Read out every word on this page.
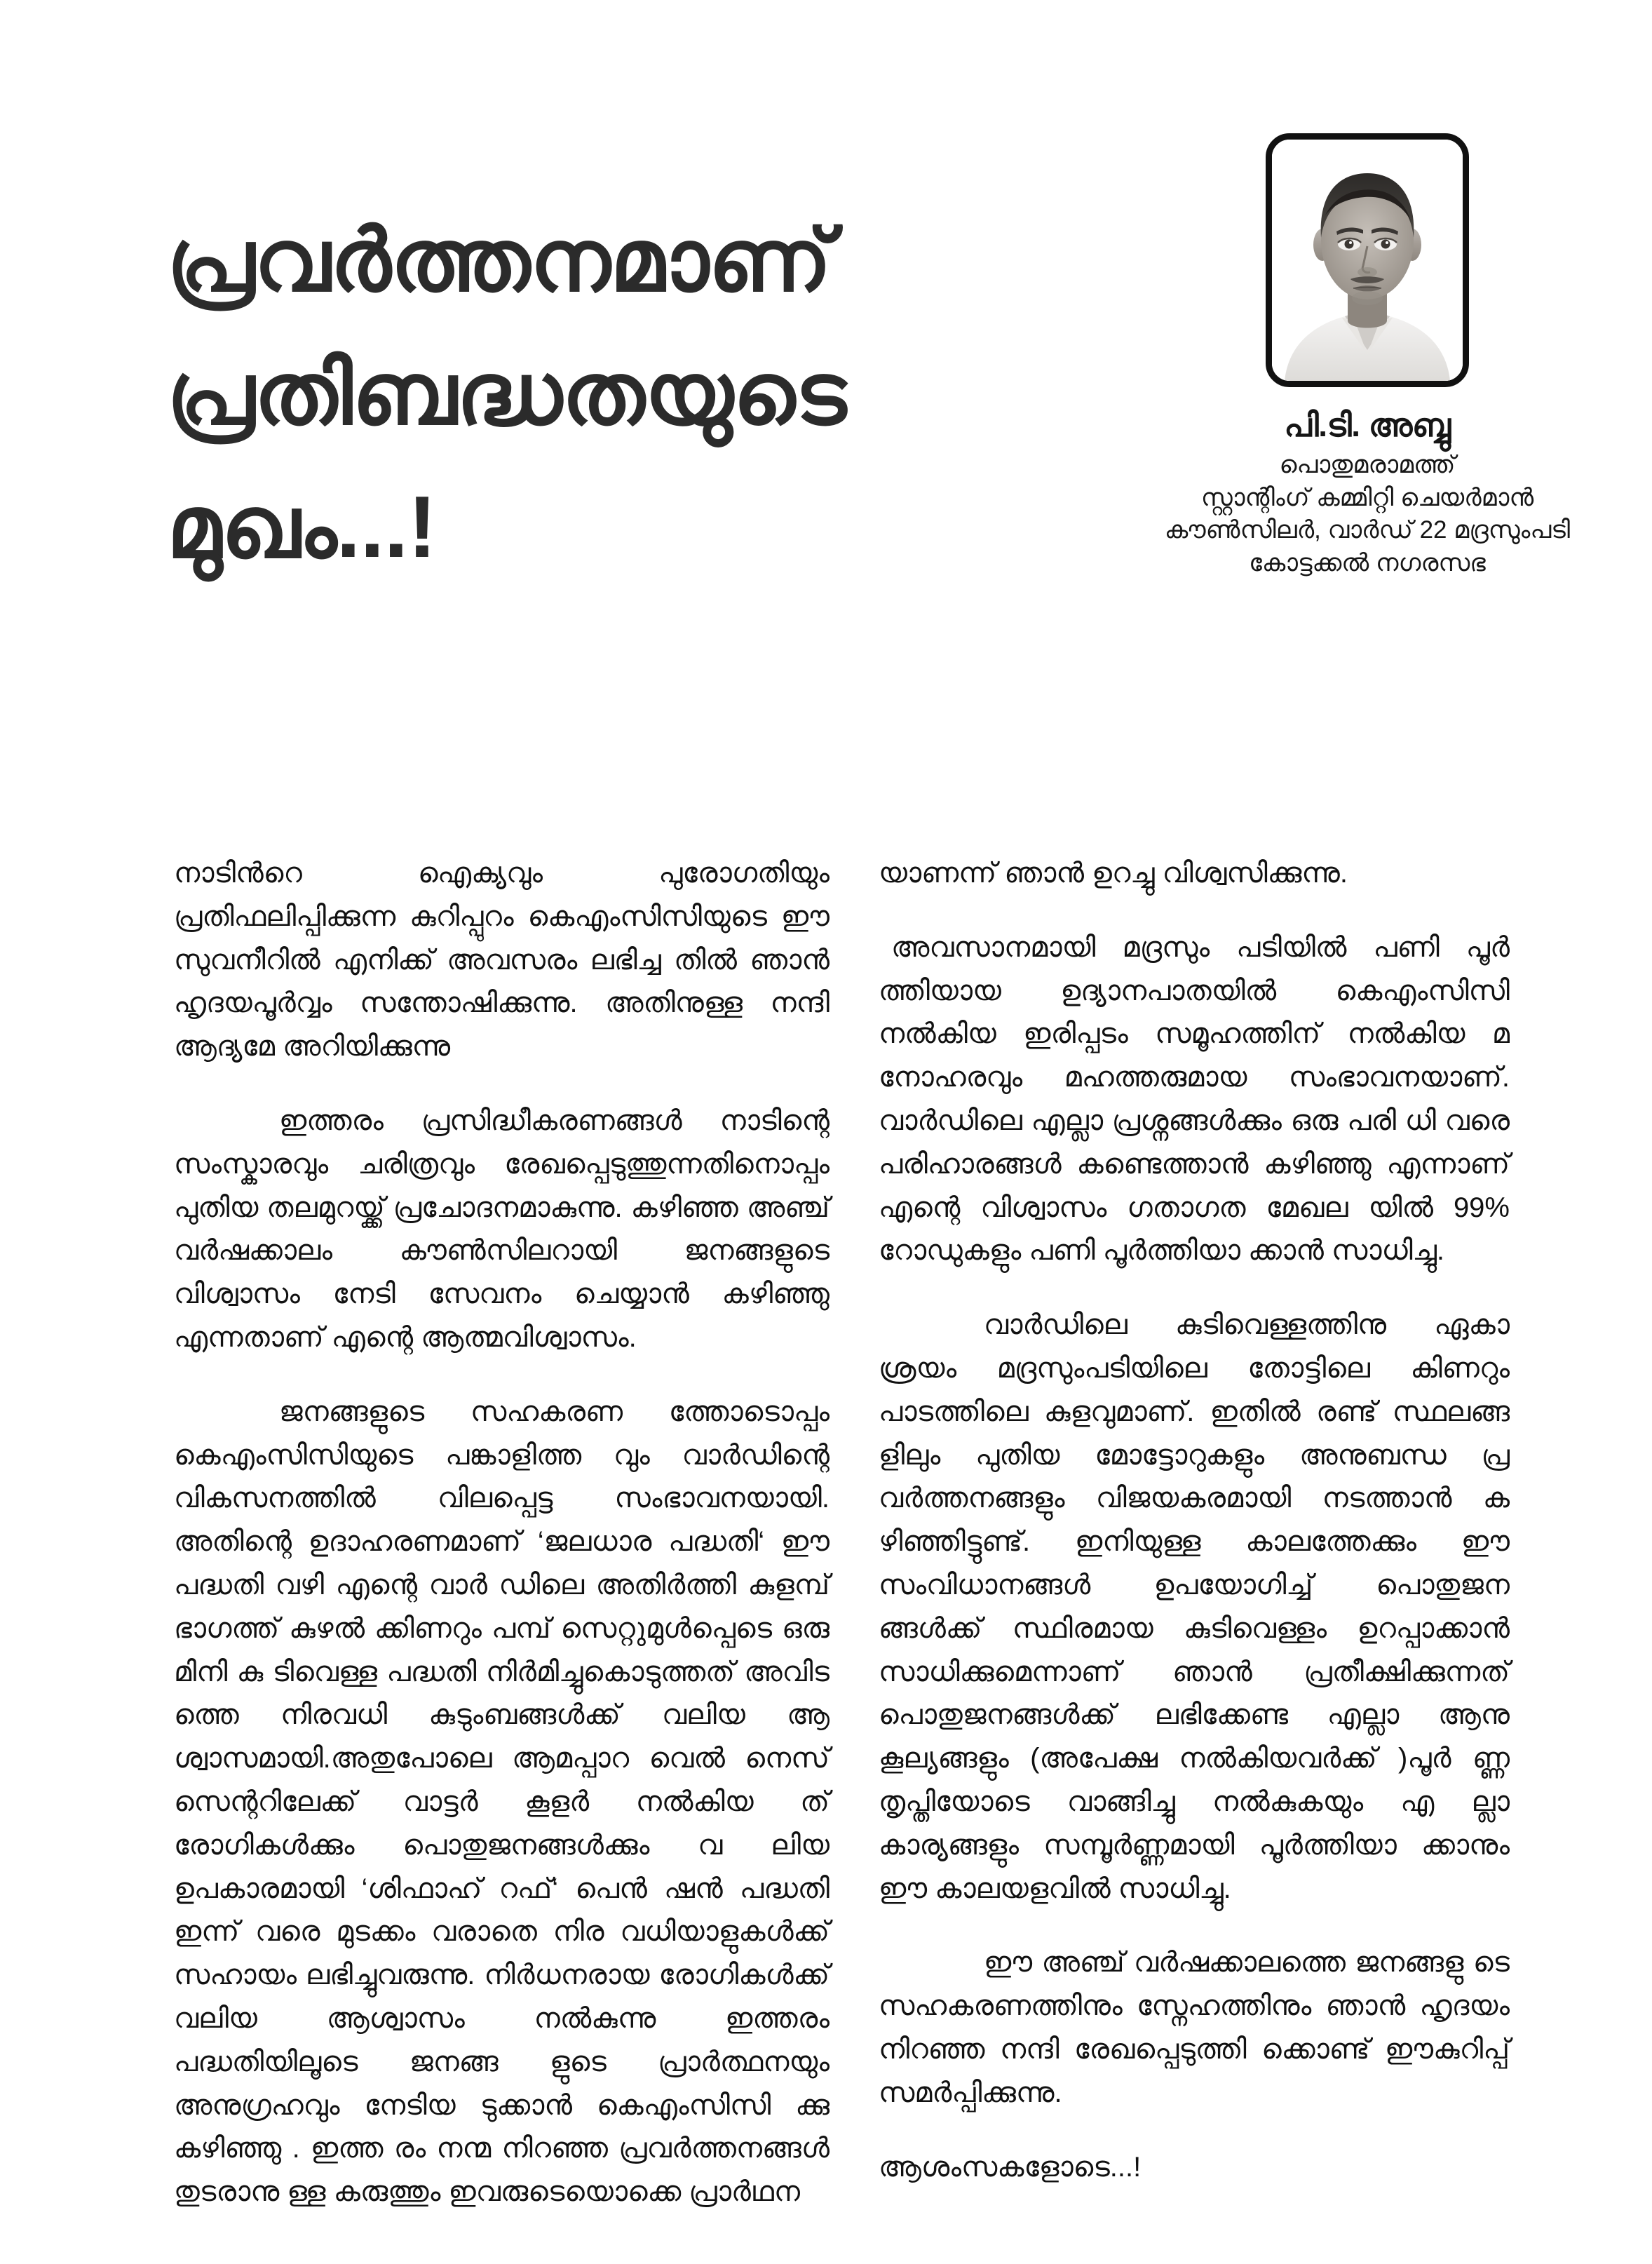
പ്രവർത്തനമാണ്
പ്രതിബദ്ധതയുടെ
മുഖം...!
പി.ടി. അബ്ബു
പൊതുമരാമത്ത്
സ്റ്റാന്റിംഗ് കമ്മിറ്റി ചെയർമാൻ
കൗൺസിലർ, വാർഡ് 22 മദ്രസുംപടി
കോട്ടക്കൽ നഗരസഭ

നാടിൻറെ ഐക്യവും പുരോഗതിയും പ്രതിഫലിപ്പിക്കുന്ന കുറിപ്പുറം കെഎംസിസിയുടെ ഈ സുവനീറിൽ എനിക്ക് അവസരം ലഭിച്ച തിൽ ഞാൻ ഹൃദയപൂർവ്വം സന്തോഷിക്കുന്നു. അതിനുള്ള നന്ദി ആദ്യമേ അറിയിക്കുന്നു

ഇത്തരം പ്രസിദ്ധീകരണങ്ങൾ നാടിന്റെ സംസ്കാരവും ചരിത്രവും രേഖപ്പെടുത്തുന്നതിനൊപ്പം പുതിയ തലമുറയ്ക്ക് പ്രചോദനമാകുന്നു. കഴിഞ്ഞ അഞ്ച് വർഷക്കാലം കൗൺസിലറായി ജനങ്ങളുടെ വിശ്വാസം നേടി സേവനം ചെയ്യാൻ കഴിഞ്ഞു എന്നതാണ് എന്റെ ആത്മവിശ്വാസം.

ജനങ്ങളുടെ സഹകരണ ത്തോടൊപ്പം കെഎംസിസിയുടെ പങ്കാളിത്ത വും വാർഡിന്റെ വികസനത്തിൽ വിലപ്പെട്ട സംഭാവനയായി. അതിന്റെ ഉദാഹരണമാണ് ‘ജലധാര പദ്ധതി‘ ഈ പദ്ധതി വഴി എന്റെ വാർ ഡിലെ അതിർത്തി കുളമ്പ് ഭാഗത്ത് കുഴൽ ക്കിണറും പമ്പ് സെറ്റുമുൾപ്പെടെ ഒരു മിനി കു ടിവെള്ള പദ്ധതി നിർമിച്ചുകൊടുത്തത് അവിട ത്തെ നിരവധി കുടുംബങ്ങൾക്ക് വലിയ ആ ശ്വാസമായി.അതുപോലെ ആമപ്പാറ വെൽ നെസ് സെന്ററിലേക്ക് വാട്ടർ കൂളർ നൽകിയ ത് രോഗികൾക്കും പൊതുജനങ്ങൾക്കും വ ലിയ ഉപകാരമായി ‘ശിഫാഹ് റഫ്‘ പെൻ ഷൻ പദ്ധതി ഇന്ന് വരെ മുടക്കം വരാതെ നിര വധിയാളുകൾക്ക് സഹായം ലഭിച്ചുവരുന്നു. നിർധനരായ രോഗികൾക്ക് വലിയ ആശ്വാസം നൽകുന്നു ഇത്തരം പദ്ധതിയിലൂടെ ജനങ്ങ ളുടെ പ്രാർത്ഥനയും അനുഗ്രഹവും നേടിയ ടുക്കാൻ കെഎംസിസി ക്കു കഴിഞ്ഞു . ഇത്ത രം നന്മ നിറഞ്ഞ പ്രവർത്തനങ്ങൾ തുടരാനു ള്ള കരുത്തും ഇവരുടെയൊക്കെ പ്രാർഥന

യാണന്ന് ഞാൻ ഉറച്ചു വിശ്വസിക്കുന്നു.

അവസാനമായി മദ്രസും പടിയിൽ പണി പൂർ ത്തിയായ ഉദ്യാനപാതയിൽ കെഎംസിസി നൽകിയ ഇരിപ്പടം സമൂഹത്തിന് നൽകിയ മ നോഹരവും മഹത്തരുമായ സംഭാവനയാണ്. വാർഡിലെ എല്ലാ പ്രശ്നങ്ങൾക്കും ഒരു പരി ധി വരെ പരിഹാരങ്ങൾ കണ്ടെത്താൻ കഴിഞ്ഞു എന്നാണ് എന്റെ വിശ്വാസം ഗതാഗത മേഖല യിൽ 99% റോഡുകളും പണി പൂർത്തിയാ ക്കാൻ സാധിച്ചു.

വാർഡിലെ കുടിവെള്ളത്തിനു ഏകാ ശ്രയം മദ്രസുംപടിയിലെ തോട്ടിലെ കിണറും പാടത്തിലെ കുളവുമാണ്. ഇതിൽ രണ്ട് സ്ഥലങ്ങ ളിലും പുതിയ മോട്ടോറുകളും അനുബന്ധ പ്ര വർത്തനങ്ങളും വിജയകരമായി നടത്താൻ ക ഴിഞ്ഞിട്ടുണ്ട്. ഇനിയുള്ള കാലത്തേക്കും ഈ സംവിധാനങ്ങൾ ഉപയോഗിച്ച് പൊതുജന ങ്ങൾക്ക് സ്ഥിരമായ കുടിവെള്ളം ഉറപ്പാക്കാൻ സാധിക്കുമെന്നാണ് ഞാൻ പ്രതീക്ഷിക്കുന്നത് പൊതുജനങ്ങൾക്ക് ലഭിക്കേണ്ട എല്ലാ ആനു കൂല്യങ്ങളും (അപേക്ഷ നൽകിയവർക്ക് )പൂർ ണ്ണ തൃപ്തിയോടെ വാങ്ങിച്ചു നൽകുകയും എ ല്ലാ കാര്യങ്ങളും സമ്പൂർണ്ണമായി പൂർത്തിയാ ക്കാനും ഈ കാലയളവിൽ സാധിച്ചു.

ഈ അഞ്ച് വർഷക്കാലത്തെ ജനങ്ങളു ടെ സഹകരണത്തിനും സ്നേഹത്തിനും ഞാൻ ഹൃദയം നിറഞ്ഞ നന്ദി രേഖപ്പെടുത്തി ക്കൊണ്ട് ഈകുറിപ്പ് സമർപ്പിക്കുന്നു.

ആശംസകളോടെ...!
